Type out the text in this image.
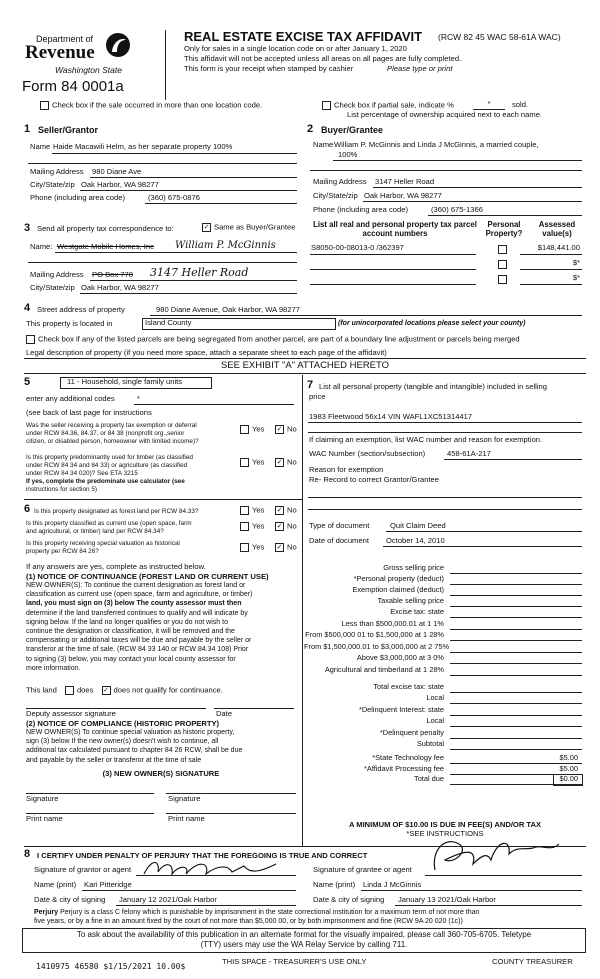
Department of
Revenue
Washington State
Form 84 0001a
REAL ESTATE EXCISE TAX AFFIDAVIT (RCW 82 45 WAC 58-61A WAC)
Only for sales in a single location code on or after January 1, 2020
This affidavit will not be accepted unless all areas on all pages are fully completed.
This form is your receipt when stamped by cashier	Please type or print
Check box if the sale occurred in more than one location code.	Check box if partial sale, indicate %	*	sold.
List percentage of ownership acquired next to each name.
1 Seller/Grantor
Name Haide Macawili Helm, as her separate property 100%
Mailing Address 980 Diane Ave
City/State/zip Oak Harbor, WA 98277
Phone (including area code)	(360) 675-0876
2 Buyer/Grantee
Name William P. McGinnis and Linda J McGinnis, a married couple,
100%
Mailing Address 3147 Heller Road
City/State/zip Oak Harbor, WA 98277
Phone (including area code)	(360) 675-1366
3 Send all property tax correspondence to:	✓ Same as Buyer/Grantee
Name: Westgate Mobile Homes, Inc William P. McGinnis
Mailing Address PO Box 778 3147 Heller Road
City/State/zip Oak Harbor, WA 98277
List all real and personal property tax parcel account numbers
Personal Property?
Assessed value(s)
S8050-00-08013-0 /362397	$148,441.00
$*
$*
4 Street address of property	980 Diane Avenue, Oak Harbor, WA 98277
This property is located in	Island County	(for unincorporated locations please select your county)
Check box if any of the listed parcels are being segregated from another parcel, are part of a boundary line adjustment or parcels being merged
Legal description of property (if you need more space, attach a separate sheet to each page of the affidavit)
SEE EXHIBIT "A" ATTACHED HERETO
5	11 - Household, single family units
enter any additional codes	*
(see back of last page for instructions
Was the seller receiving a property tax exemption or deferral
under RCW 84.36, 84.37, or 84 38 (nonprofit org.,senior
citizen, or disabled person, homeowner with limited income)?
Yes ✓ No
Is this property predominantly used for timber (as classified
under RCW 84 34 and 84 33) or agriculture (as classified
under RCW 84 34 020)? See ETA 3215
If yes, complete the predominate use calculator (see
instructions for section 5)
Yes ✓ No
6 Is this property designated as forest land per RCW 84.33?	Yes ✓ No
Is this property classified as current use (open space, farm
and agricultural, or timber) land per RCW 84.34?
Yes ✓ No
Is this property receiving special valuation as historical
property per RCW 84 26?	Yes ✓ No
If any answers are yes, complete as instructed below.
(1) NOTICE OF CONTINUANCE (FOREST LAND OR CURRENT USE)
NEW OWNER(S): To continue the current designation as forest land or
classification as current use (open space, farm and agriculture, or timber)
land, you must sign on (3) below The county assessor must then
determine if the land transferred continues to qualify and will indicate by
signing below. If the land no longer qualifies or you do not wish to
continue the designation or classification, it will be removed and the
compensating or additional taxes will be due and payable by the seller or
transferor at the time of sale. (RCW 84 33 140 or RCW 84.34 108) Prior
to signing (3) below, you may contact your local county assessor for
more information.
This land	does ✓ does not qualify for continuance.
Deputy assessor signature	Date
(2) NOTICE OF COMPLIANCE (HISTORIC PROPERTY)
NEW OWNER(S) To continue special valuation as historic property,
sign (3) below If the new owner(s) doesn't wish to continue, all
additional tax calculated pursuant to chapter 84 26 RCW, shall be due
and payable by the seller or transferor at the time of sale
(3) NEW OWNER(S) SIGNATURE
Signature	Signature
Print name	Print name
7 List all personal property (tangible and intangible) included in selling
price
1983 Fleetwood 56x14 VIN WAFL1XC51314417
If claiming an exemption, list WAC number and reason for exemption.
WAC Number (section/subsection)	458-61A-217
Reason for exemption
Re- Record to correct Grantor/Grantee
Type of document	Quit Claim Deed
Date of document October 14, 2010
Gross selling price
*Personal property (deduct)
Exemption claimed (deduct)
Taxable selling price
Excise tax: state
Less than $500,000.01 at 1 1%
From $500,000 01 to $1,500,000 at 1 28%
From $1,500,000.01 to $3,000,000 at 2 75%
Above $3,000,000 at 3 0%
Agricultural and timberland at 1 28%
Total excise tax: state
Local
*Delinquent Interest: state
Local
*Delinquent penalty
Subtotal
*State Technology fee	$5.00
*Affidavit Processing fee	$5.00
Total due	$0.00
A MINIMUM OF $10.00 IS DUE IN FEE(S) AND/OR TAX
*SEE INSTRUCTIONS
8 I CERTIFY UNDER PENALTY OF PERJURY THAT THE FOREGOING IS TRUE AND CORRECT
Signature of grantor or agent	Signature of grantee or agent
Name (print) Kari Pitteridge	Name (print) Linda J McGinnis
Date & city of signing January 12 2021/Oak Harbor	Date & city of signing January 13 2021/Oak Harbor
Perjury Perjury is a class C felony which is punishable by imprisonment in the state correctional institution for a maximum term of not more than
five years, or by a fine in an amount fixed by the court of not more than $5,000 00, or by both imprisonment and fine (RCW 9A 20 020 (1c))
To ask about the availability of this publication in an alternate format for the visually impaired, please call 360-705-6705. Teletype
(TTY) users may use the WA Relay Service by calling 711.
1410975 46580 $1/15/2021 10.00$
THIS SPACE - TREASURER'S USE ONLY	COUNTY TREASURER
